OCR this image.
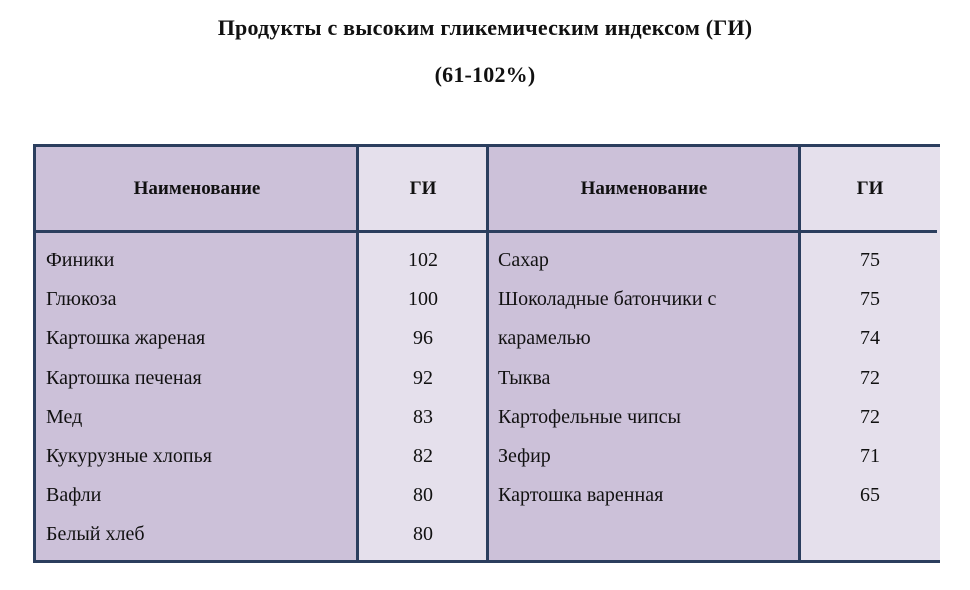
Продукты с высоким гликемическим индексом (ГИ)
(61-102%)
Наименование
Финики
Глюкоза
Картошка жареная
Картошка печеная
Мед
Кукурузные хлопья
Вафли
Белый хлеб
ГИ
102
100
96
92
83
82
80
80
Наименование
Сахар
Шоколадные батончики с
карамелью
Тыква
Картофельные чипсы
Зефир
Картошка варенная
ГИ
75
75
74
72
72
71
65
